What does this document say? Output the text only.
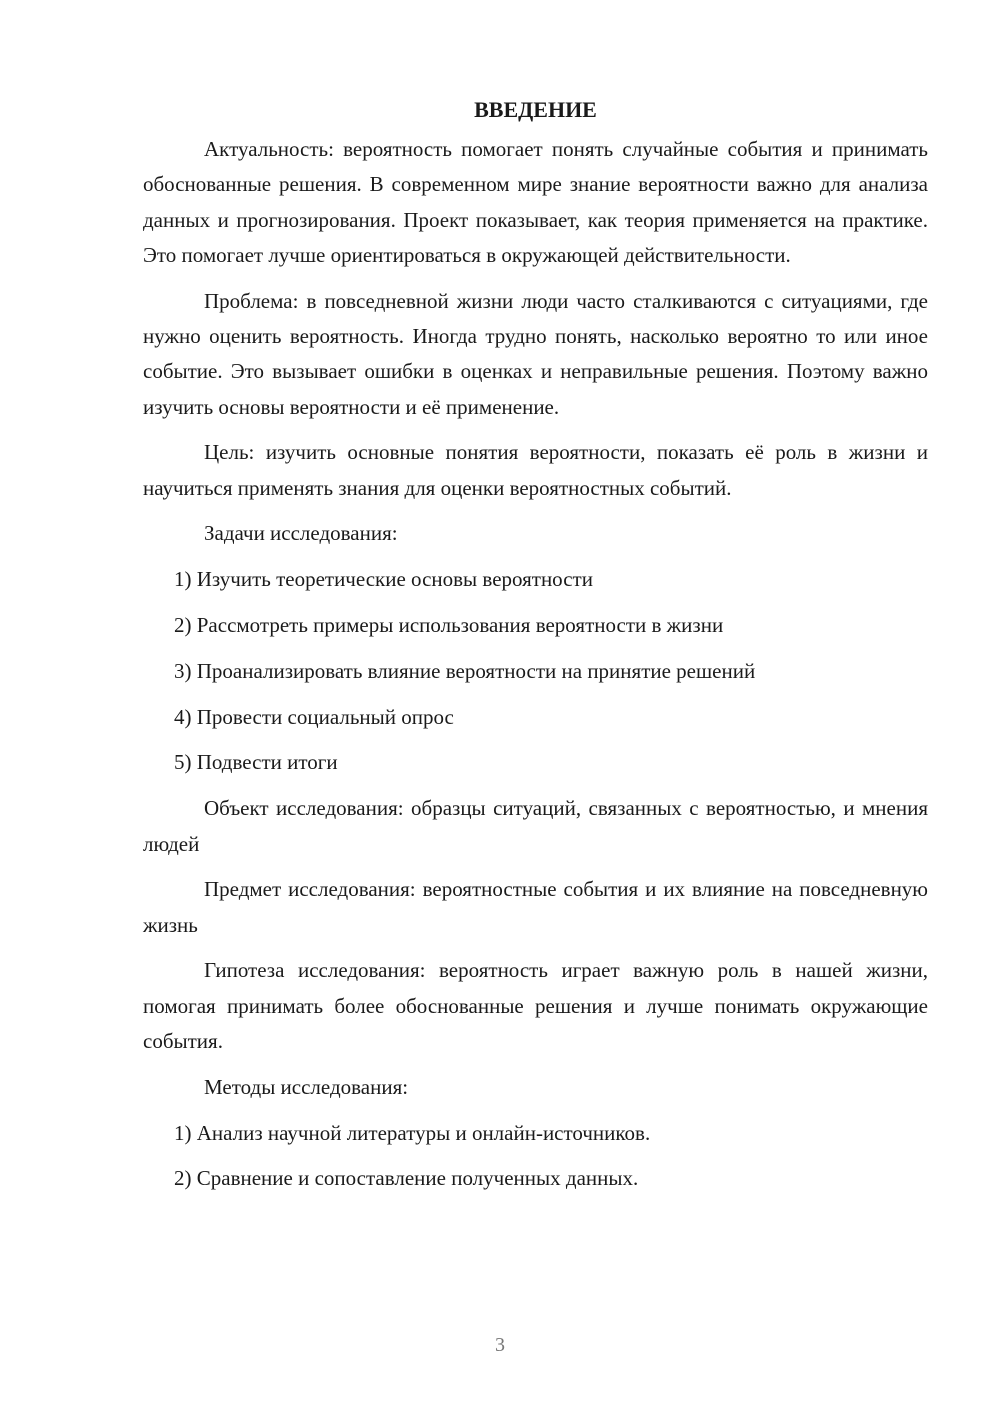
ВВЕДЕНИЕ

Актуальность: вероятность помогает понять случайные события и принимать обоснованные решения. В современном мире знание вероятности важно для анализа данных и прогнозирования. Проект показывает, как теория применяется на практике. Это помогает лучше ориентироваться в окружающей действительности.

Проблема: в повседневной жизни люди часто сталкиваются с ситуациями, где нужно оценить вероятность. Иногда трудно понять, насколько вероятно то или иное событие. Это вызывает ошибки в оценках и неправильные решения. Поэтому важно изучить основы вероятности и её применение.

Цель: изучить основные понятия вероятности, показать её роль в жизни и научиться применять знания для оценки вероятностных событий.

Задачи исследования:

1) Изучить теоретические основы вероятности

2) Рассмотреть примеры использования вероятности в жизни

3) Проанализировать влияние вероятности на принятие решений

4) Провести социальный опрос

5) Подвести итоги

Объект исследования: образцы ситуаций, связанных с вероятностью, и мнения людей

Предмет исследования: вероятностные события и их влияние на повседневную жизнь

Гипотеза исследования: вероятность играет важную роль в нашей жизни, помогая принимать более обоснованные решения и лучше понимать окружающие события.

Методы исследования:

1) Анализ научной литературы и онлайн-источников.

2) Сравнение и сопоставление полученных данных.

3
